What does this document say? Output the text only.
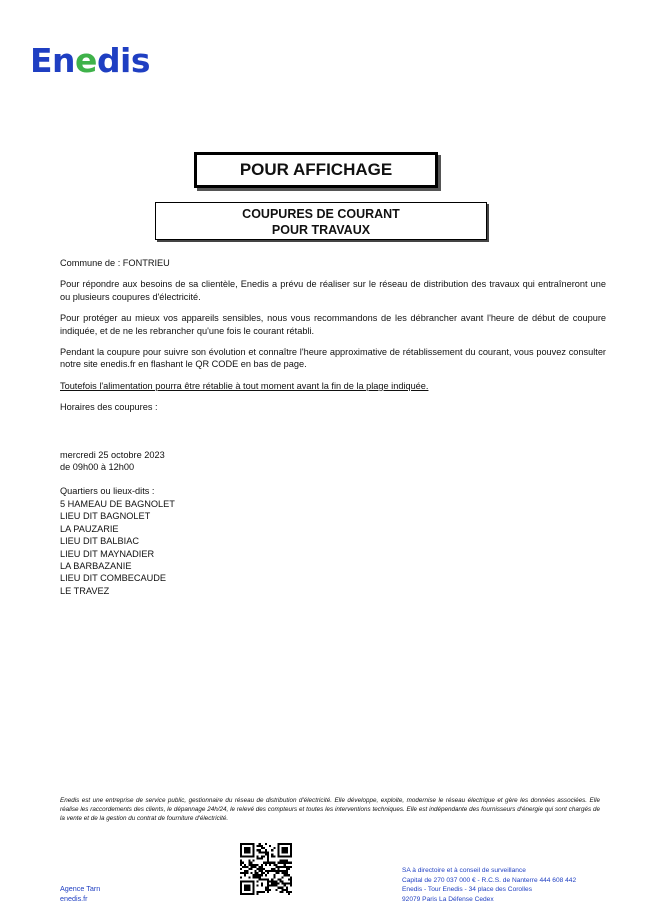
Enedis
POUR AFFICHAGE
COUPURES DE COURANT
POUR TRAVAUX

Commune de : FONTRIEU

Pour répondre aux besoins de sa clientèle, Enedis a prévu de réaliser sur le réseau de distribution des travaux qui entraîneront une ou plusieurs coupures d'électricité.

Pour protéger au mieux vos appareils sensibles, nous vous recommandons de les débrancher avant l'heure de début de coupure indiquée, et de ne les rebrancher qu'une fois le courant rétabli.

Pendant la coupure pour suivre son évolution et connaître l'heure approximative de rétablissement du courant, vous pouvez consulter notre site enedis.fr en flashant le QR CODE en bas de page.

Toutefois l'alimentation pourra être rétablie à tout moment avant la fin de la plage indiquée.

Horaires des coupures :

mercredi 25 octobre 2023
de 09h00 à 12h00
Quartiers ou lieux-dits :
5 HAMEAU DE BAGNOLET
LIEU DIT BAGNOLET
LA PAUZARIE
LIEU DIT BALBIAC
LIEU DIT MAYNADIER
LA BARBAZANIE
LIEU DIT COMBECAUDE
LE TRAVEZ
Enedis est une entreprise de service public, gestionnaire du réseau de distribution d'électricité. Elle développe, exploite, modernise le réseau électrique et gère les données associées. Elle réalise les raccordements des clients, le dépannage 24h/24, le relevé des compteurs et toutes les interventions techniques. Elle est indépendante des fournisseurs d'énergie qui sont chargés de la vente et de la gestion du contrat de fourniture d'électricité.
Agence Tarn
enedis.fr
SA à directoire et à conseil de surveillance
Capital de 270 037 000 € - R.C.S. de Nanterre 444 608 442
Enedis - Tour Enedis - 34 place des Corolles
92079 Paris La Défense Cedex
